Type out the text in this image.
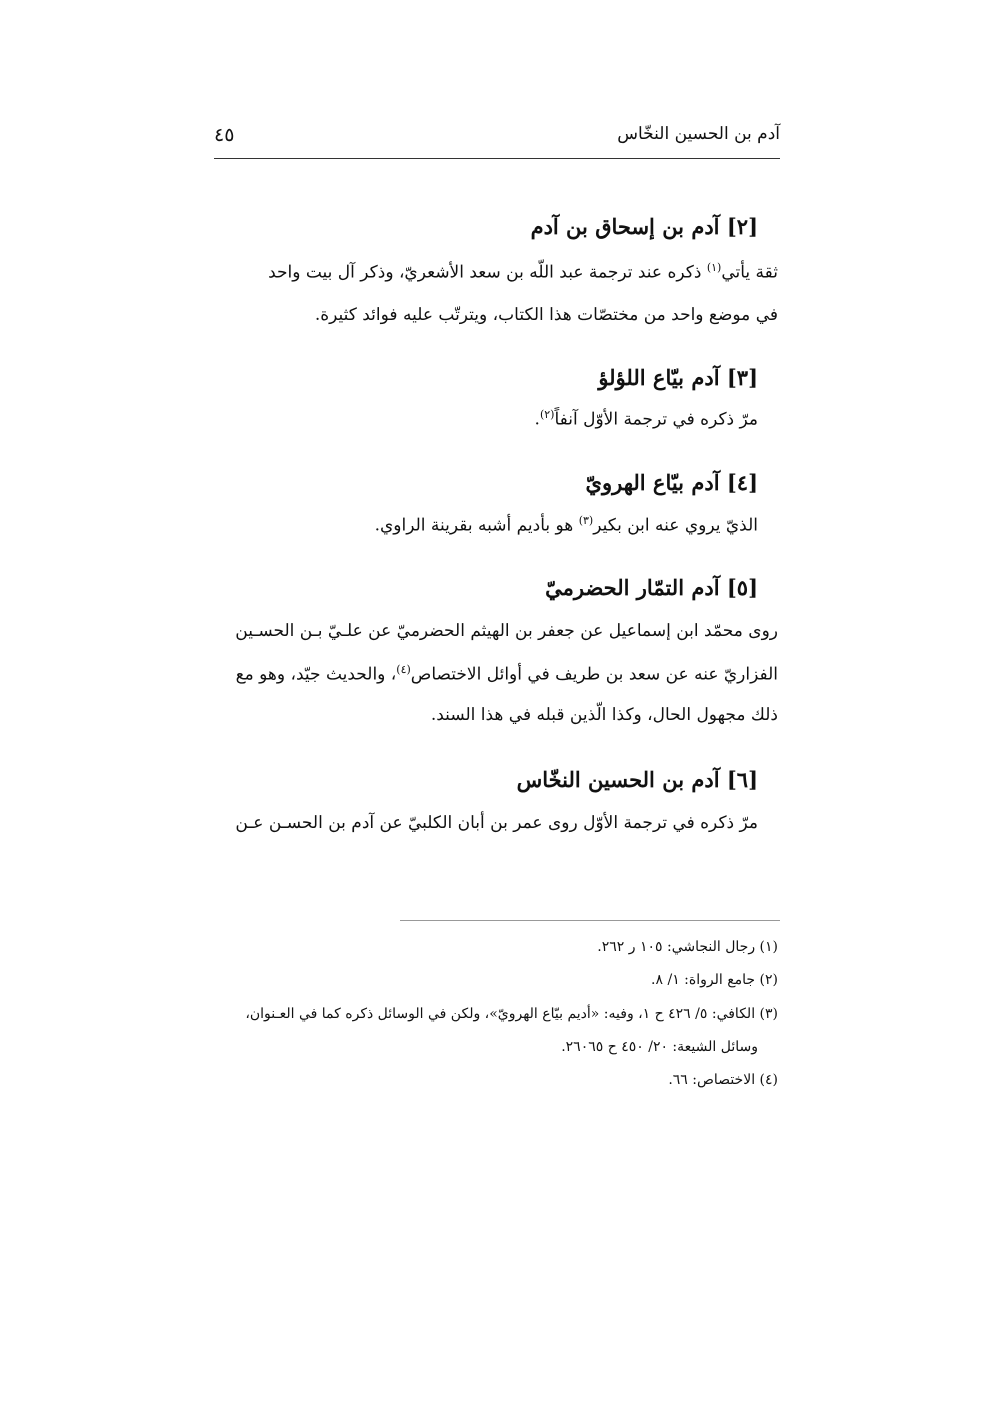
آدم بن الحسين النخّاس
٤٥
[٢] آدم بن إسحاق بن آدم
ثقة يأتي$^{(١)}$ ذكره عند ترجمة عبد اللّه بن سعد الأشعريّ، وذكر آل بيت واحد
في موضع واحد من مختصّات هذا الكتاب، ويترتّب عليه فوائد كثيرة.
[٣] آدم بيّاع اللؤلؤ
مرّ ذكره في ترجمة الأوّل آنفاً$^{(٢)}$.
[٤] آدم بيّاع الهرويّ
الذيّ يروي عنه ابن بكير$^{(٣)}$ هو بأديم أشبه بقرينة الراوي.
[٥] آدم التمّار الحضرميّ
روى محمّد ابن إسماعيل عن جعفر بن الهيثم الحضرميّ عن علـيّ بـن الحسـين
الفزاريّ عنه عن سعد بن طريف في أوائل الاختصاص$^{(٤)}$، والحديث جيّد، وهو مع
ذلك مجهول الحال، وكذا الّذين قبله في هذا السند.
[٦] آدم بن الحسين النخّاس
مرّ ذكره في ترجمة الأوّل روى عمر بن أبان الكلبيّ عن آدم بن الحسـن عـن
(١) رجال النجاشي: ١٠٥ ر ٢٦٢.
(٢) جامع الرواة: ١/ ٨.
(٣) الكافي: ٥/ ٤٢٦ ح ١، وفيه: «أديم بيّاع الهرويّ»، ولكن في الوسائل ذكره كما في العـنوان،
وسائل الشيعة: ٢٠/ ٤٥٠ ح ٢٦٠٦٥.
(٤) الاختصاص: ٦٦.
